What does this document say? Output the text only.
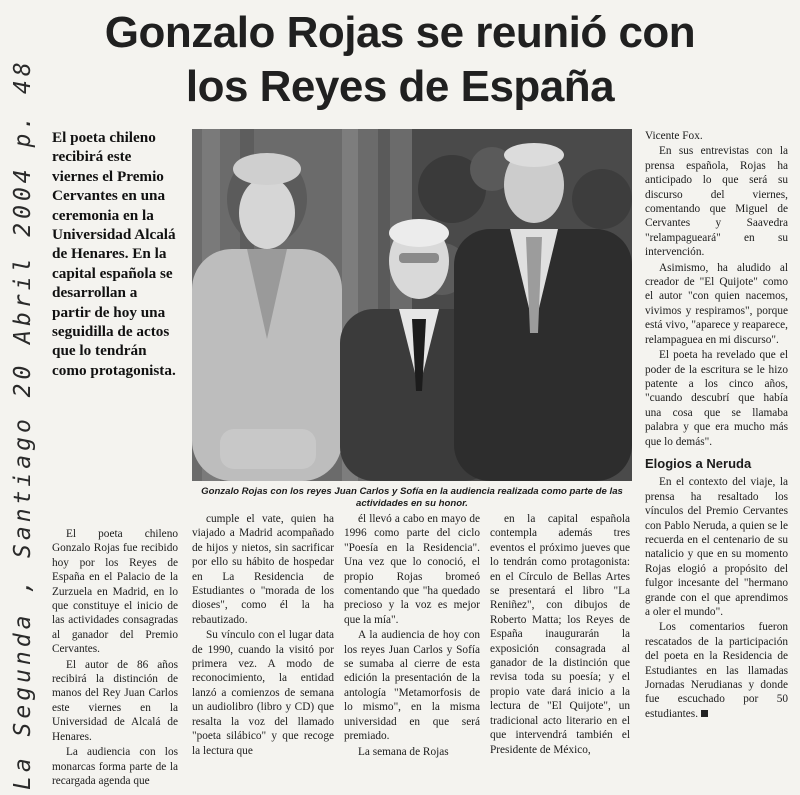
Gonzalo Rojas se reunió con los Reyes de España
La Segunda , Santiago 20 Abril 2004 p. 48 El poeta chileno recibirá este viernes el Premio Cervantes en una ceremonia en la Universidad Alcalá de Henares. En la capital española se desarrollan a partir de hoy una seguidilla de actos que lo tendrán como protagonista.

Gonzalo Rojas con los reyes Juan Carlos y Sofía en la audiencia realizada como parte de las actividades en su honor.

El poeta chileno Gonzalo Rojas fue recibido hoy por los Reyes de España en el Palacio de la Zurzuela en Madrid, en lo que constituye el inicio de las actividades consagradas al ganador del Premio Cervantes.

El autor de 86 años recibirá la distinción de manos del Rey Juan Carlos este viernes en la Universidad de Alcalá de Henares.

La audiencia con los monarcas forma parte de la recargada agenda que

cumple el vate, quien ha viajado a Madrid acompañado de hijos y nietos, sin sacrificar por ello su hábito de hospedar en La Residencia de Estudiantes o "morada de los dioses", como él la ha rebautizado.

Su vínculo con el lugar data de 1990, cuando la visitó por primera vez. A modo de reconocimiento, la entidad lanzó a comienzos de semana un audiolibro (libro y CD) que resalta la voz del llamado "poeta silábico" y que recoge la lectura que

él llevó a cabo en mayo de 1996 como parte del ciclo "Poesía en la Residencia". Una vez que lo conoció, el propio Rojas bromeó comentando que "ha quedado precioso y la voz es mejor que la mía".

A la audiencia de hoy con los reyes Juan Carlos y Sofía se sumaba al cierre de esta edición la presentación de la antología "Metamorfosis de lo mismo", en la misma universidad en que será premiado.

La semana de Rojas

en la capital española contempla además tres eventos el próximo jueves que lo tendrán como protagonista: en el Círculo de Bellas Artes se presentará el libro "La Reniñez", con dibujos de Roberto Matta; los Reyes de España inaugurarán la exposición consagrada al ganador de la distinción que revisa toda su poesía; y el propio vate dará inicio a la lectura de "El Quijote", un tradicional acto literario en el que intervendrá también el Presidente de México,

Vicente Fox.

En sus entrevistas con la prensa española, Rojas ha anticipado lo que será su discurso del viernes, comentando que Miguel de Cervantes y Saavedra "relampagueará" en su intervención.

Asimismo, ha aludido al creador de "El Quijote" como el autor "con quien nacemos, vivimos y respiramos", porque está vivo, "aparece y reaparece, relampaguea en mi discurso".

El poeta ha revelado que el poder de la escritura se le hizo patente a los cinco años, "cuando descubrí que había una cosa que se llamaba palabra y que era mucho más que lo demás".

Elogios a Neruda

En el contexto del viaje, la prensa ha resaltado los vínculos del Premio Cervantes con Pablo Neruda, a quien se le recuerda en el centenario de su natalicio y que en su momento Rojas elogió a propósito del fulgor incesante del "hermano grande con el que aprendimos a oler el mundo".

Los comentarios fueron rescatados de la participación del poeta en la Residencia de Estudiantes en las llamadas Jornadas Nerudianas y donde fue escuchado por 50 estudiantes.
